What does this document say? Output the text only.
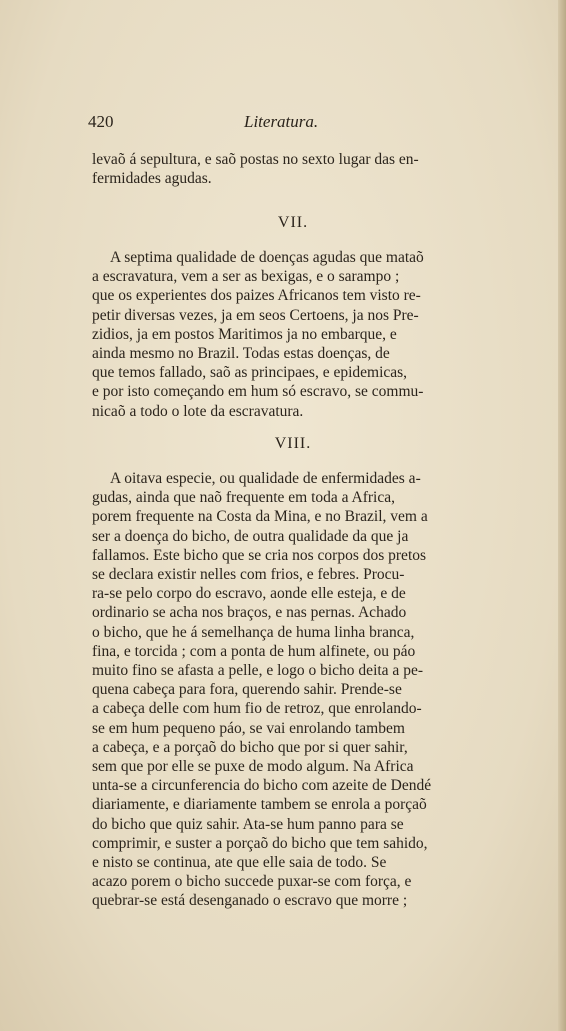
420	Literatura.
levaõ á sepultura, e saõ postas no sexto lugar das en-
fermidades agudas.
VII.
A septima qualidade de doenças agudas que mataõ
a escravatura, vem a ser as bexigas, e o sarampo ;
que os experientes dos paizes Africanos tem visto re-
petir diversas vezes, ja em seos Certoens, ja nos Pre-
zidios, ja em postos Maritimos ja no embarque, e
ainda mesmo no Brazil. Todas estas doenças, de
que temos fallado, saõ as principaes, e epidemicas,
e por isto começando em hum só escravo, se commu-
nicaõ a todo o lote da escravatura.
VIII.
A oitava especie, ou qualidade de enfermidades a-
gudas, ainda que naõ frequente em toda a Africa,
porem frequente na Costa da Mina, e no Brazil, vem a
ser a doença do bicho, de outra qualidade da que ja
fallamos. Este bicho que se cria nos corpos dos pretos
se declara existir nelles com frios, e febres. Procu-
ra-se pelo corpo do escravo, aonde elle esteja, e de
ordinario se acha nos braços, e nas pernas. Achado
o bicho, que he á semelhança de huma linha branca,
fina, e torcida ; com a ponta de hum alfinete, ou páo
muito fino se afasta a pelle, e logo o bicho deita a pe-
quena cabeça para fora, querendo sahir. Prende-se
a cabeça delle com hum fio de retroz, que enrolando-
se em hum pequeno páo, se vai enrolando tambem
a cabeça, e a porçaõ do bicho que por si quer sahir,
sem que por elle se puxe de modo algum. Na Africa
unta-se a circunferencia do bicho com azeite de Dendé
diariamente, e diariamente tambem se enrola a porçaõ
do bicho que quiz sahir. Ata-se hum panno para se
comprimir, e suster a porçaõ do bicho que tem sahido,
e nisto se continua, ate que elle saia de todo. Se
acazo porem o bicho succede puxar-se com força, e
quebrar-se está desenganado o escravo que morre ;
